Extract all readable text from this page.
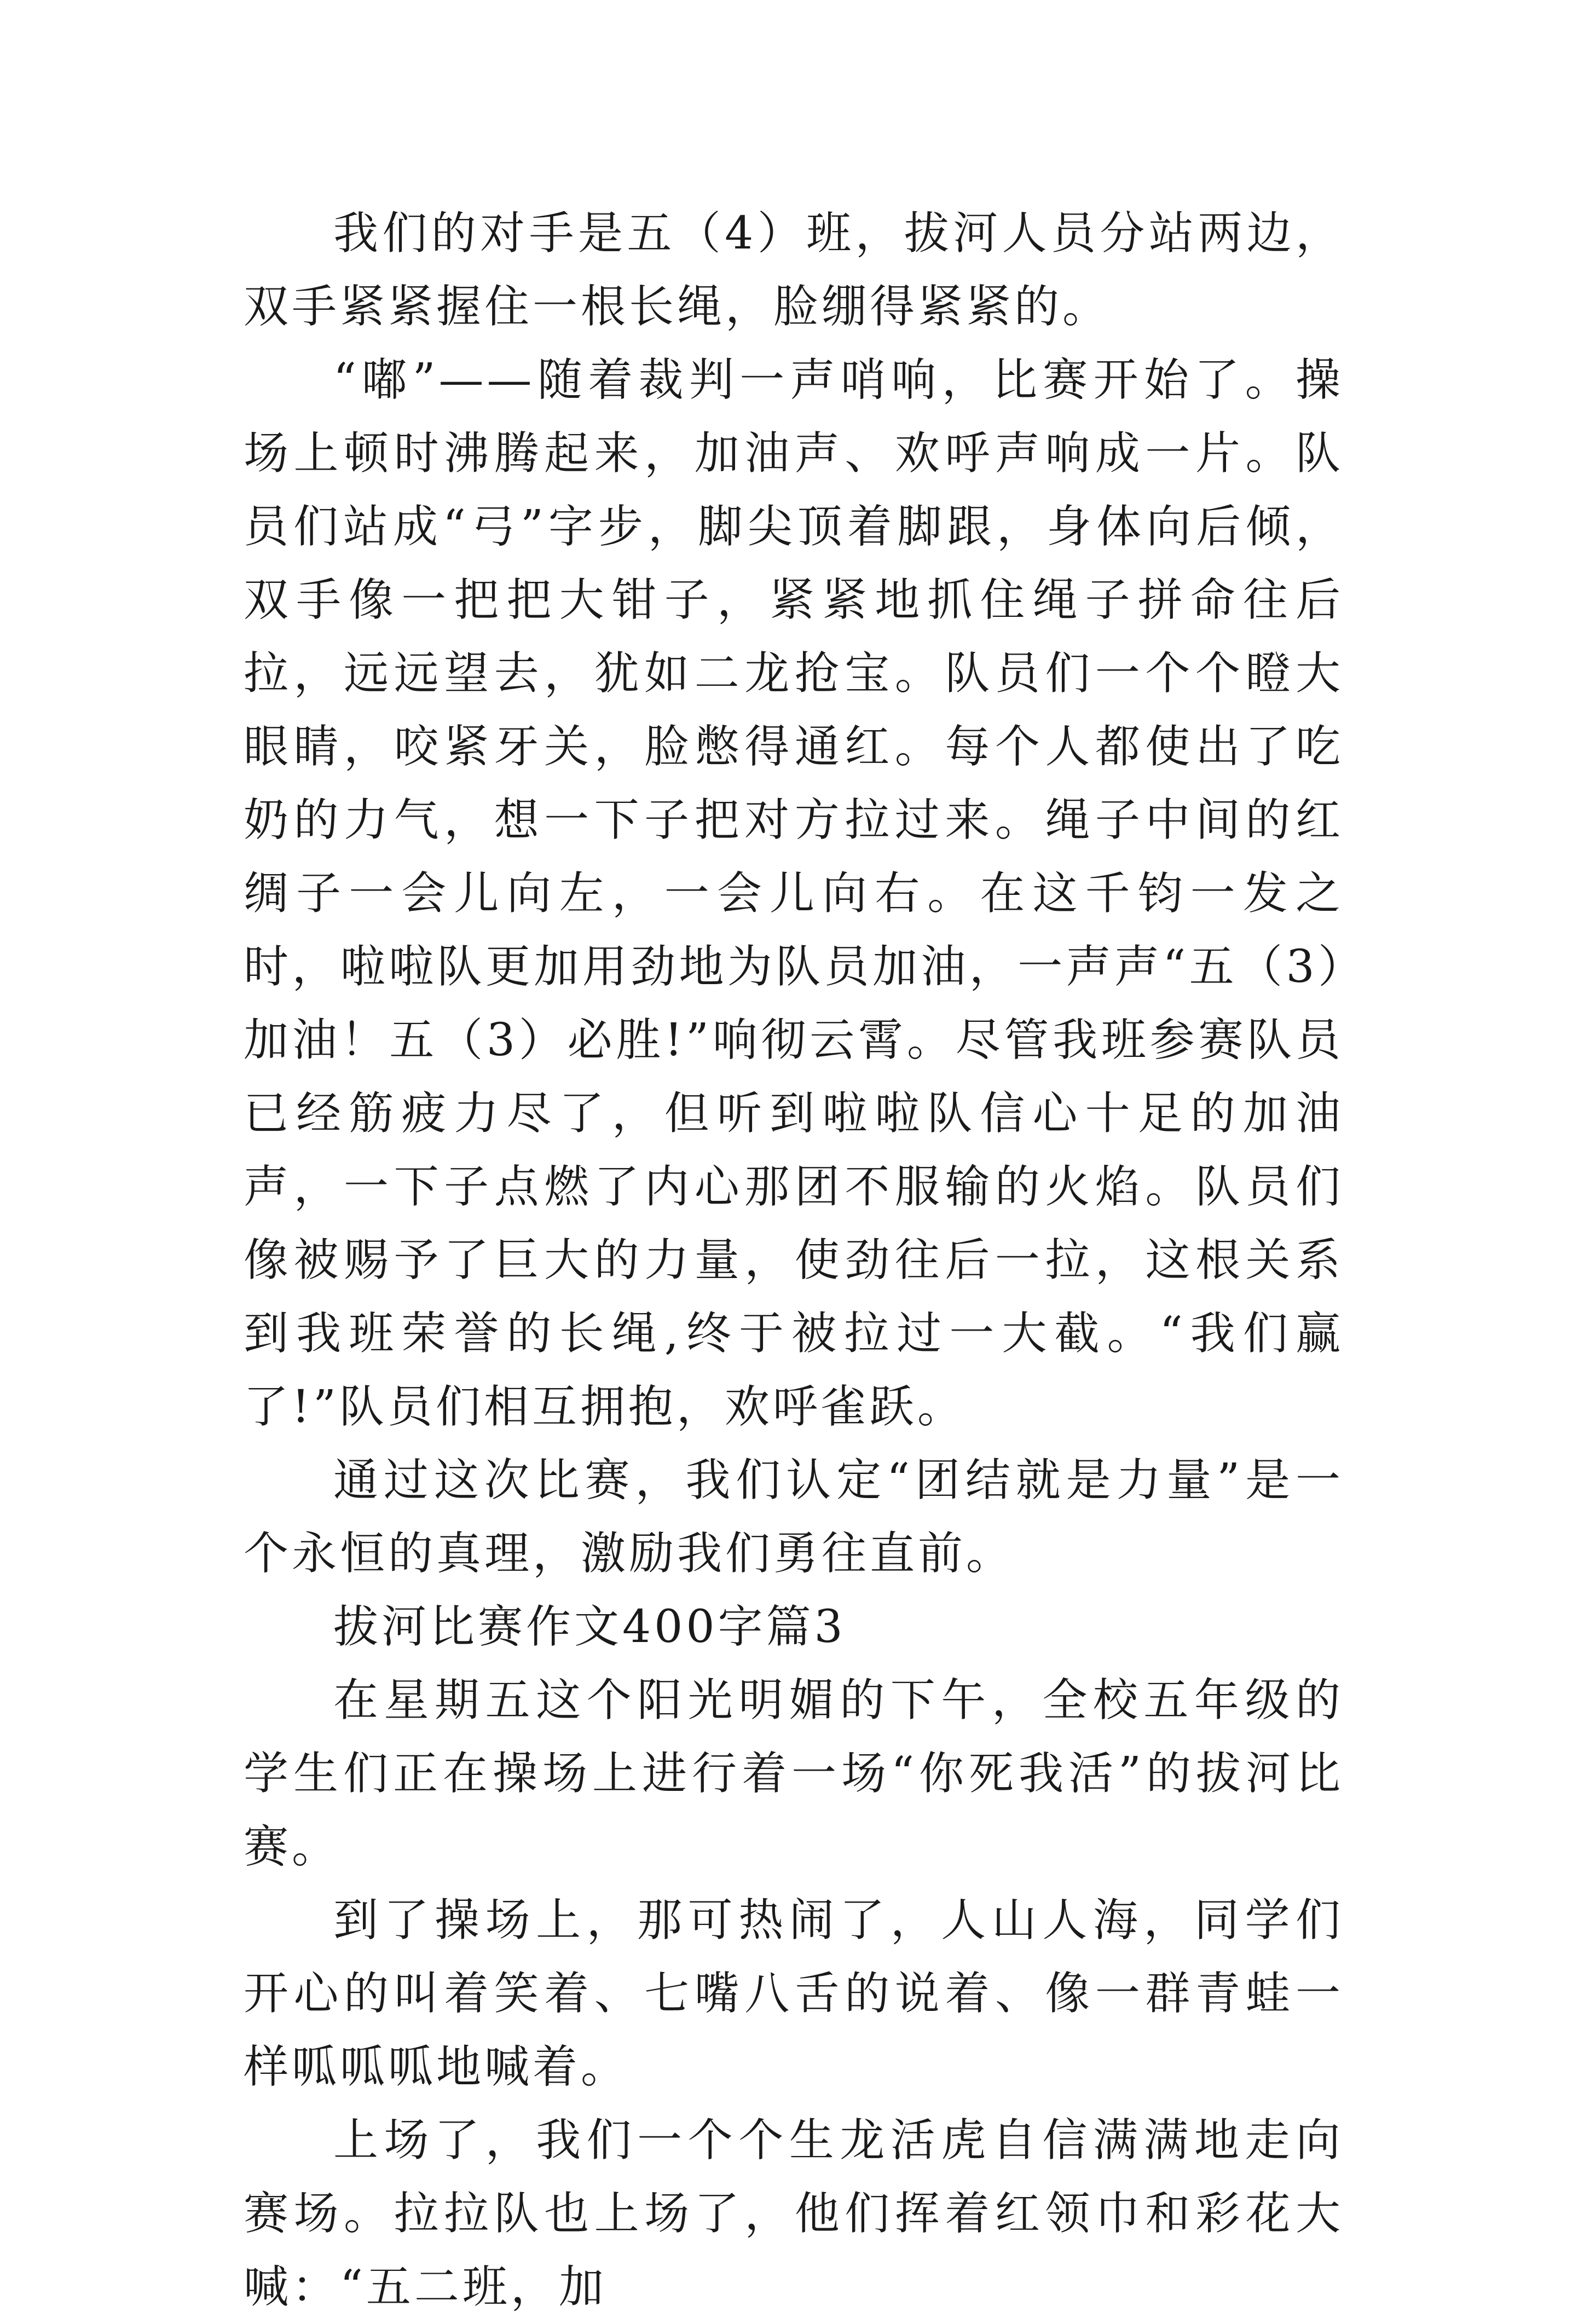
我们的对手是五（4）班，拔河人员分站两边，双手紧紧握住一根长绳，脸绷得紧紧的。

“嘟”——随着裁判一声哨响，比赛开始了。操场上顿时沸腾起来，加油声、欢呼声响成一片。队员们站成“弓”字步，脚尖顶着脚跟，身体向后倾，双手像一把把大钳子，紧紧地抓住绳子拼命往后拉，远远望去，犹如二龙抢宝。队员们一个个瞪大眼睛，咬紧牙关，脸憋得通红。每个人都使出了吃奶的力气，想一下子把对方拉过来。绳子中间的红绸子一会儿向左，一会儿向右。在这千钧一发之时，啦啦队更加用劲地为队员加油，一声声“五（3）加油！五（3）必胜!”响彻云霄。尽管我班参赛队员已经筋疲力尽了，但听到啦啦队信心十足的加油声，一下子点燃了内心那团不服输的火焰。队员们像被赐予了巨大的力量，使劲往后一拉，这根关系到我班荣誉的长绳,终于被拉过一大截。“我们赢了!”队员们相互拥抱，欢呼雀跃。

通过这次比赛，我们认定“团结就是力量”是一个永恒的真理，激励我们勇往直前。

拔河比赛作文400字篇3

在星期五这个阳光明媚的下午，全校五年级的学生们正在操场上进行着一场“你死我活”的拔河比赛。

到了操场上，那可热闹了，人山人海，同学们开心的叫着笑着、七嘴八舌的说着、像一群青蛙一样呱呱呱地喊着。

上场了，我们一个个生龙活虎自信满满地走向赛场。拉拉队也上场了，他们挥着红领巾和彩花大喊：“五二班，加
